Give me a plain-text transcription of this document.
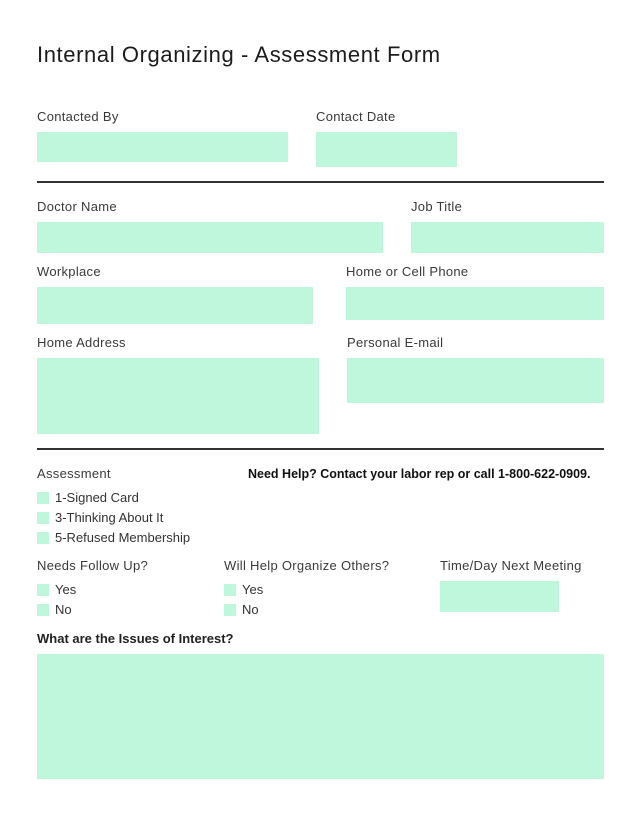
Internal Organizing - Assessment Form
Contacted By	Contact Date
Doctor Name	Job Title
Workplace	Home or Cell Phone
Home Address	Personal E-mail
Assessment	Need Help? Contact your labor rep or call 1-800-622-0909.
1-Signed Card
3-Thinking About It
5-Refused Membership
Needs Follow Up?
Yes
No
Will Help Organize Others?
Yes
No
Time/Day Next Meeting
What are the Issues of Interest?
